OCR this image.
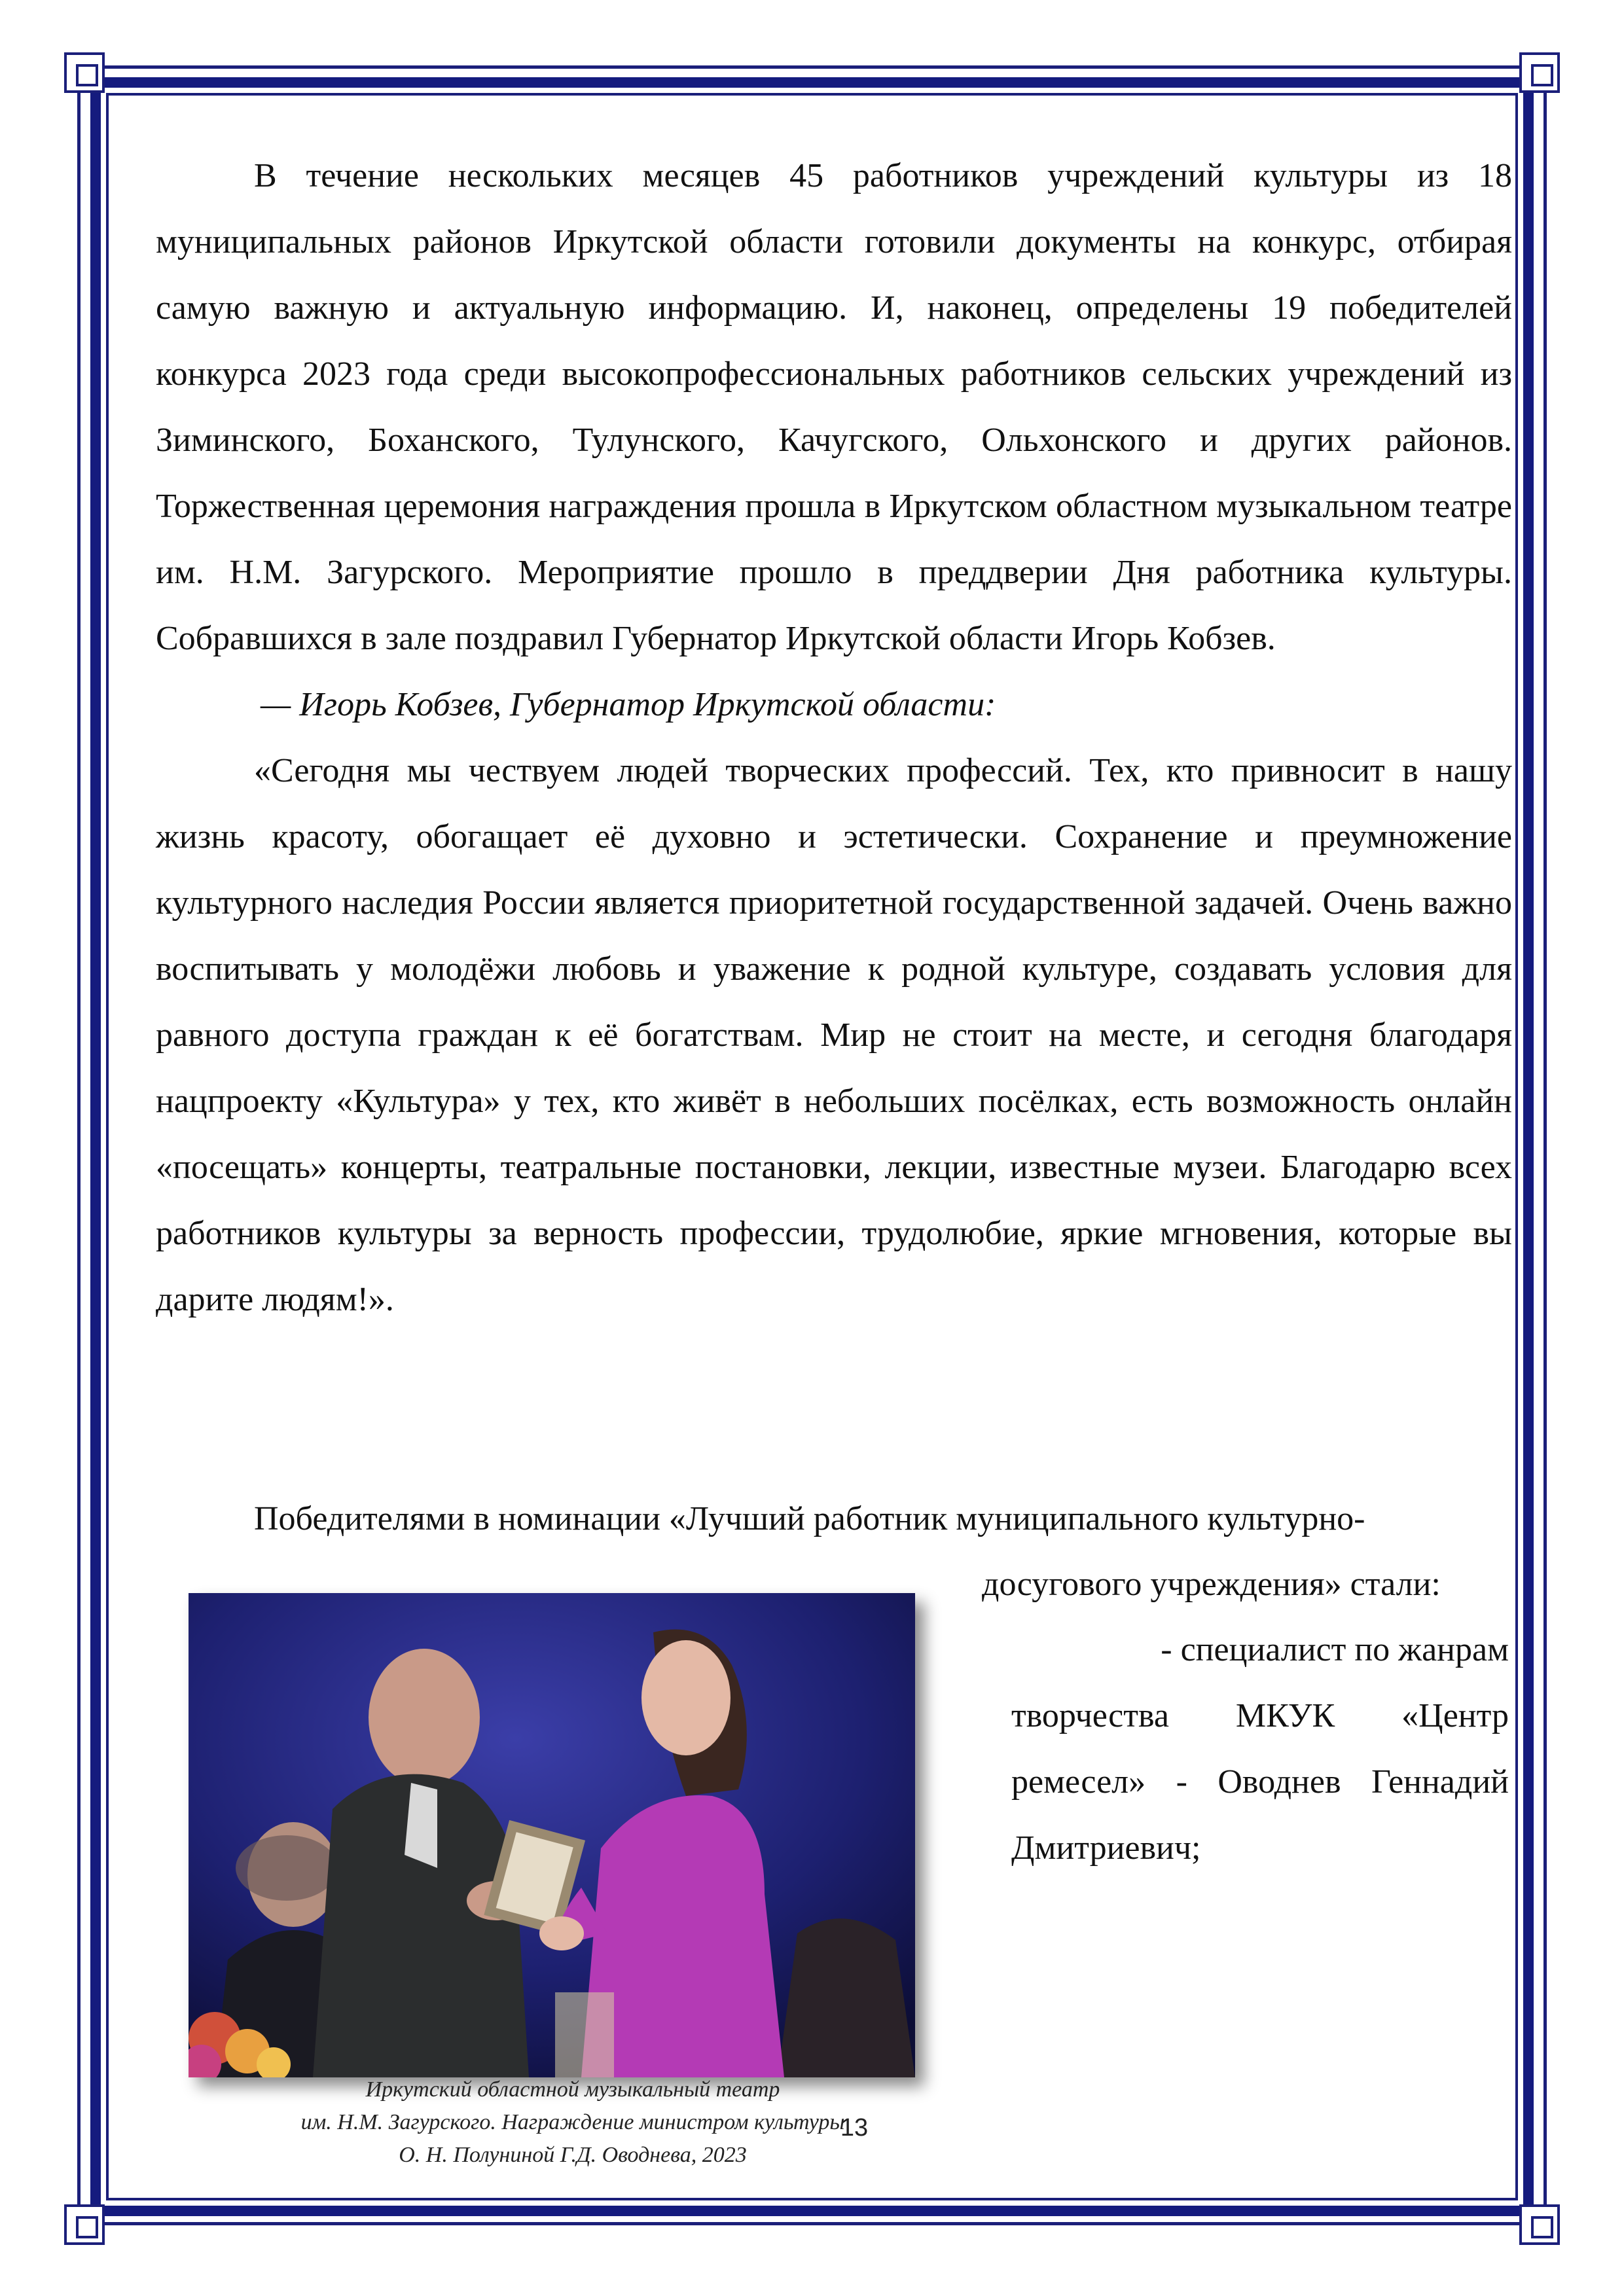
В течение нескольких месяцев 45 работников учреждений культуры из 18 муниципальных районов Иркутской области готовили документы на конкурс, отбирая самую важную и актуальную информацию. И, наконец, определены 19 победителей конкурса 2023 года среди высокопрофессиональных работников сельских учреждений из Зиминского, Боханского, Тулунского, Качугского, Ольхонского и других районов. Торжественная церемония награждения прошла в Иркутском областном музыкальном театре им. Н.М. Загурского. Мероприятие прошло в преддверии Дня работника культуры. Собравшихся в зале поздравил Губернатор Иркутской области Игорь Кобзев.

— Игорь Кобзев, Губернатор Иркутской области:

«Сегодня мы чествуем людей творческих профессий. Тех, кто привносит в нашу жизнь красоту, обогащает её духовно и эстетически. Сохранение и преумножение культурного наследия России является приоритетной государственной задачей. Очень важно воспитывать у молодёжи любовь и уважение к родной культуре, создавать условия для равного доступа граждан к её богатствам. Мир не стоит на месте, и сегодня благодаря нацпроекту «Культура» у тех, кто живёт в небольших посёлках, есть возможность онлайн «посещать» концерты, театральные постановки, лекции, известные музеи. Благодарю всех работников культуры за верность профессии, трудолюбие, яркие мгновения, которые вы дарите людям!».

Победителями в номинации «Лучший работник муниципального культурно-

досугового учреждения» стали:
- специалист по жанрам
творчества МКУК «Центр ремесел» - Оводнев Геннадий Дмитриевич;
Иркутский областной музыкальный театр
им. Н.М. Загурского. Награждение министром культуры
О. Н. Полуниной Г.Д. Оводнева, 2023
13
